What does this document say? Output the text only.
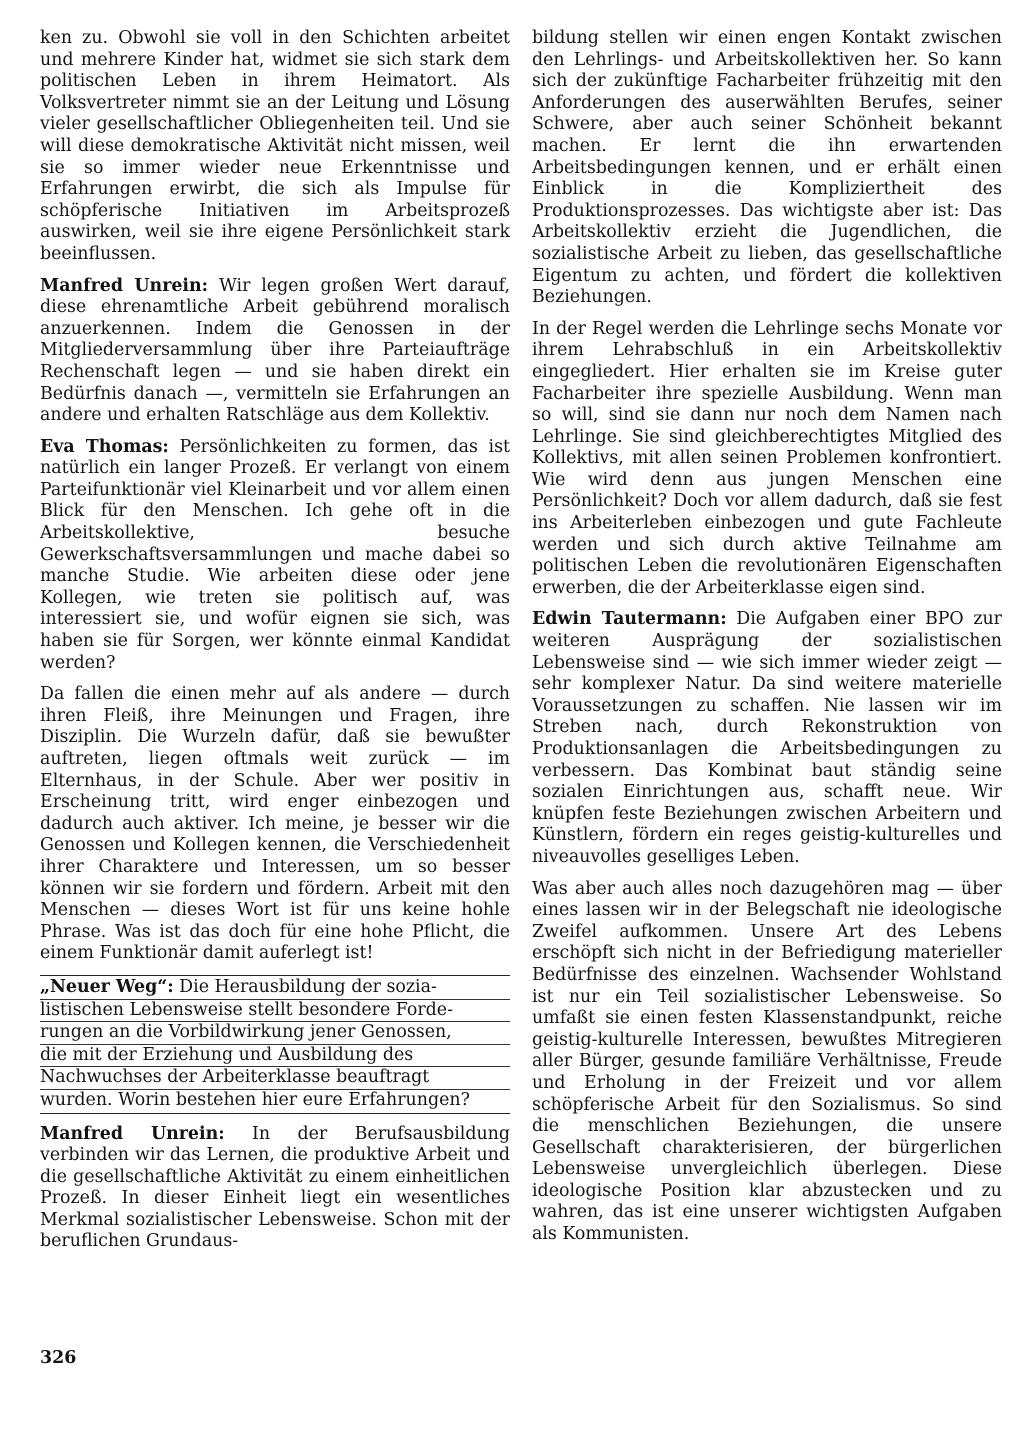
ken zu. Obwohl sie voll in den Schichten arbeitet und mehrere Kinder hat, widmet sie sich stark dem politischen Leben in ihrem Heimatort. Als Volksvertreter nimmt sie an der Leitung und Lösung vieler gesellschaftlicher Obliegenheiten teil. Und sie will diese demokratische Aktivität nicht missen, weil sie so immer wieder neue Erkenntnisse und Erfahrungen erwirbt, die sich als Impulse für schöpferische Initiativen im Arbeitsprozeß auswirken, weil sie ihre eigene Persönlichkeit stark beeinflussen.

Manfred Unrein: Wir legen großen Wert darauf, diese ehrenamtliche Arbeit gebührend moralisch anzuerkennen. Indem die Genossen in der Mitgliederversammlung über ihre Parteiaufträge Rechenschaft legen — und sie haben direkt ein Bedürfnis danach —, vermitteln sie Erfahrungen an andere und erhalten Ratschläge aus dem Kollektiv.

Eva Thomas: Persönlichkeiten zu formen, das ist natürlich ein langer Prozeß. Er verlangt von einem Parteifunktionär viel Kleinarbeit und vor allem einen Blick für den Menschen. Ich gehe oft in die Arbeitskollektive, besuche Gewerkschaftsversammlungen und mache dabei so manche Studie. Wie arbeiten diese oder jene Kollegen, wie treten sie politisch auf, was interessiert sie, und wofür eignen sie sich, was haben sie für Sorgen, wer könnte einmal Kandidat werden?

Da fallen die einen mehr auf als andere — durch ihren Fleiß, ihre Meinungen und Fragen, ihre Disziplin. Die Wurzeln dafür, daß sie bewußter auftreten, liegen oftmals weit zurück — im Elternhaus, in der Schule. Aber wer positiv in Erscheinung tritt, wird enger einbezogen und dadurch auch aktiver. Ich meine, je besser wir die Genossen und Kollegen kennen, die Verschiedenheit ihrer Charaktere und Interessen, um so besser können wir sie fordern und fördern. Arbeit mit den Menschen — dieses Wort ist für uns keine hohle Phrase. Was ist das doch für eine hohe Pflicht, die einem Funktionär damit auferlegt ist!

„Neuer Weg“: Die Herausbildung der sozia-
listischen Lebensweise stellt besondere Forde-
rungen an die Vorbildwirkung jener Genossen,
die mit der Erziehung und Ausbildung des
Nachwuchses der Arbeiterklasse beauftragt
wurden. Worin bestehen hier eure Erfahrungen?

Manfred Unrein: In der Berufsausbildung verbinden wir das Lernen, die produktive Arbeit und die gesellschaftliche Aktivität zu einem einheitlichen Prozeß. In dieser Einheit liegt ein wesentliches Merkmal sozialistischer Lebensweise. Schon mit der beruflichen Grundaus-

bildung stellen wir einen engen Kontakt zwischen den Lehrlings- und Arbeitskollektiven her. So kann sich der zukünftige Facharbeiter frühzeitig mit den Anforderungen des auserwählten Berufes, seiner Schwere, aber auch seiner Schönheit bekannt machen. Er lernt die ihn erwartenden Arbeitsbedingungen kennen, und er erhält einen Einblick in die Kompliziertheit des Produktionsprozesses. Das wichtigste aber ist: Das Arbeitskollektiv erzieht die Jugendlichen, die sozialistische Arbeit zu lieben, das gesellschaftliche Eigentum zu achten, und fördert die kollektiven Beziehungen.

In der Regel werden die Lehrlinge sechs Monate vor ihrem Lehrabschluß in ein Arbeitskollektiv eingegliedert. Hier erhalten sie im Kreise guter Facharbeiter ihre spezielle Ausbildung. Wenn man so will, sind sie dann nur noch dem Namen nach Lehrlinge. Sie sind gleichberechtigtes Mitglied des Kollektivs, mit allen seinen Problemen konfrontiert. Wie wird denn aus jungen Menschen eine Persönlichkeit? Doch vor allem dadurch, daß sie fest ins Arbeiterleben einbezogen und gute Fachleute werden und sich durch aktive Teilnahme am politischen Leben die revolutionären Eigenschaften erwerben, die der Arbeiterklasse eigen sind.

Edwin Tautermann: Die Aufgaben einer BPO zur weiteren Ausprägung der sozialistischen Lebensweise sind — wie sich immer wieder zeigt — sehr komplexer Natur. Da sind weitere materielle Voraussetzungen zu schaffen. Nie lassen wir im Streben nach, durch Rekonstruktion von Produktionsanlagen die Arbeitsbedingungen zu verbessern. Das Kombinat baut ständig seine sozialen Einrichtungen aus, schafft neue. Wir knüpfen feste Beziehungen zwischen Arbeitern und Künstlern, fördern ein reges geistig-kulturelles und niveauvolles geselliges Leben.

Was aber auch alles noch dazugehören mag — über eines lassen wir in der Belegschaft nie ideologische Zweifel aufkommen. Unsere Art des Lebens erschöpft sich nicht in der Befriedigung materieller Bedürfnisse des einzelnen. Wachsender Wohlstand ist nur ein Teil sozialistischer Lebensweise. So umfaßt sie einen festen Klassenstandpunkt, reiche geistig-kulturelle Interessen, bewußtes Mitregieren aller Bürger, gesunde familiäre Verhältnisse, Freude und Erholung in der Freizeit und vor allem schöpferische Arbeit für den Sozialismus. So sind die menschlichen Beziehungen, die unsere Gesellschaft charakterisieren, der bürgerlichen Lebensweise unvergleichlich überlegen. Diese ideologische Position klar abzustecken und zu wahren, das ist eine unserer wichtigsten Aufgaben als Kommunisten.

326
